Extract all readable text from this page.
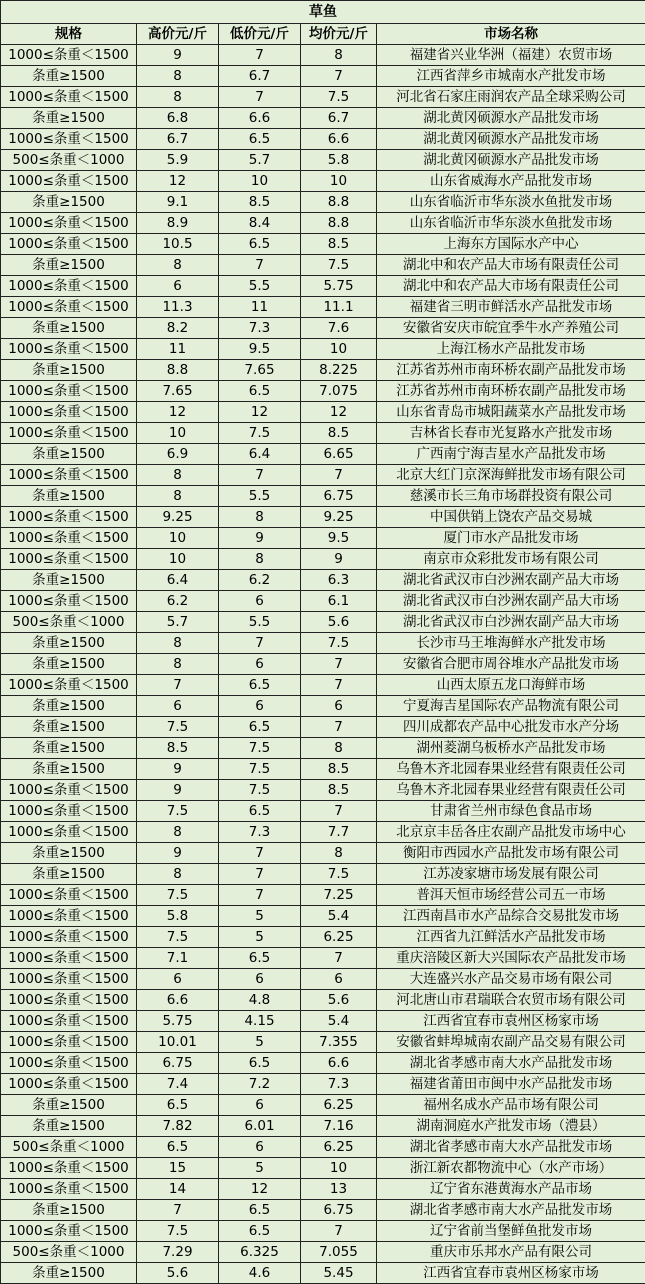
草鱼				
规格	高价元/斤	低价元/斤	均价元/斤	市场名称
1000≤条重＜1500	9	7	8	福建省兴业华洲（福建）农贸市场
条重≥1500	8	6.7	7	江西省萍乡市城南水产批发市场
1000≤条重＜1500	8	7	7.5	河北省石家庄雨润农产品全球采购公司
条重≥1500	6.8	6.6	6.7	湖北黄冈硕源水产品批发市场
1000≤条重＜1500	6.7	6.5	6.6	湖北黄冈硕源水产品批发市场
500≤条重＜1000	5.9	5.7	5.8	湖北黄冈硕源水产品批发市场
1000≤条重＜1500	12	10	10	山东省威海水产品批发市场
条重≥1500	9.1	8.5	8.8	山东省临沂市华东淡水鱼批发市场
1000≤条重＜1500	8.9	8.4	8.8	山东省临沂市华东淡水鱼批发市场
1000≤条重＜1500	10.5	6.5	8.5	上海东方国际水产中心
条重≥1500	8	7	7.5	湖北中和农产品大市场有限责任公司
1000≤条重＜1500	6	5.5	5.75	湖北中和农产品大市场有限责任公司
1000≤条重＜1500	11.3	11	11.1	福建省三明市鲜活水产品批发市场
条重≥1500	8.2	7.3	7.6	安徽省安庆市皖宜季牛水产养殖公司
1000≤条重＜1500	11	9.5	10	上海江杨水产品批发市场
条重≥1500	8.8	7.65	8.225	江苏省苏州市南环桥农副产品批发市场
1000≤条重＜1500	7.65	6.5	7.075	江苏省苏州市南环桥农副产品批发市场
1000≤条重＜1500	12	12	12	山东省青岛市城阳蔬菜水产品批发市场
1000≤条重＜1500	10	7.5	8.5	吉林省长春市光复路水产批发市场
条重≥1500	6.9	6.4	6.65	广西南宁海吉星水产品批发市场
1000≤条重＜1500	8	7	7	北京大红门京深海鲜批发市场有限公司
条重≥1500	8	5.5	6.75	慈溪市长三角市场群投资有限公司
1000≤条重＜1500	9.25	8	9.25	中国供销上饶农产品交易城
1000≤条重＜1500	10	9	9.5	厦门市水产品批发市场
1000≤条重＜1500	10	8	9	南京市众彩批发市场有限公司
条重≥1500	6.4	6.2	6.3	湖北省武汉市白沙洲农副产品大市场
1000≤条重＜1500	6.2	6	6.1	湖北省武汉市白沙洲农副产品大市场
500≤条重＜1000	5.7	5.5	5.6	湖北省武汉市白沙洲农副产品大市场
条重≥1500	8	7	7.5	长沙市马王堆海鲜水产批发市场
条重≥1500	8	6	7	安徽省合肥市周谷堆水产品批发市场
1000≤条重＜1500	7	6.5	7	山西太原五龙口海鲜市场
条重≥1500	6	6	6	宁夏海吉星国际农产品物流有限公司
条重≥1500	7.5	6.5	7	四川成都农产品中心批发市水产分场
条重≥1500	8.5	7.5	8	湖州菱湖乌板桥水产品批发市场
条重≥1500	9	7.5	8.5	乌鲁木齐北园春果业经营有限责任公司
1000≤条重＜1500	9	7.5	8.5	乌鲁木齐北园春果业经营有限责任公司
1000≤条重＜1500	7.5	6.5	7	甘肃省兰州市绿色食品市场
1000≤条重＜1500	8	7.3	7.7	北京京丰岳各庄农副产品批发市场中心
条重≥1500	9	7	8	衡阳市西园水产品批发市场有限公司
条重≥1500	8	7	7.5	江苏凌家塘市场发展有限公司
1000≤条重＜1500	7.5	7	7.25	普洱天恒市场经营公司五一市场
1000≤条重＜1500	5.8	5	5.4	江西南昌市水产品综合交易批发市场
1000≤条重＜1500	7.5	5	6.25	江西省九江鲜活水产品批发市场
1000≤条重＜1500	7.1	6.5	7	重庆涪陵区新大兴国际农产品批发市场
1000≤条重＜1500	6	6	6	大连盛兴水产品交易市场有限公司
1000≤条重＜1500	6.6	4.8	5.6	河北唐山市君瑞联合农贸市场有限公司
1000≤条重＜1500	5.75	4.15	5.4	江西省宜春市袁州区杨家市场
1000≤条重＜1500	10.01	5	7.355	安徽省蚌埠城南农副产品交易有限公司
1000≤条重＜1500	6.75	6.5	6.6	湖北省孝感市南大水产品批发市场
1000≤条重＜1500	7.4	7.2	7.3	福建省莆田市闽中水产品批发市场
条重≥1500	6.5	6	6.25	福州名成水产品市场有限公司
条重≥1500	7.82	6.01	7.16	湖南洞庭水产批发市场（澧县）
500≤条重＜1000	6.5	6	6.25	湖北省孝感市南大水产品批发市场
1000≤条重＜1500	15	5	10	浙江新农都物流中心（水产市场）
1000≤条重＜1500	14	12	13	辽宁省东港黄海水产品市场
条重≥1500	7	6.5	6.75	湖北省孝感市南大水产品批发市场
1000≤条重＜1500	7.5	6.5	7	辽宁省前当堡鲜鱼批发市场
500≤条重＜1000	7.29	6.325	7.055	重庆市乐邦水产品有限公司
条重≥1500	5.6	4.6	5.45	江西省宜春市袁州区杨家市场
